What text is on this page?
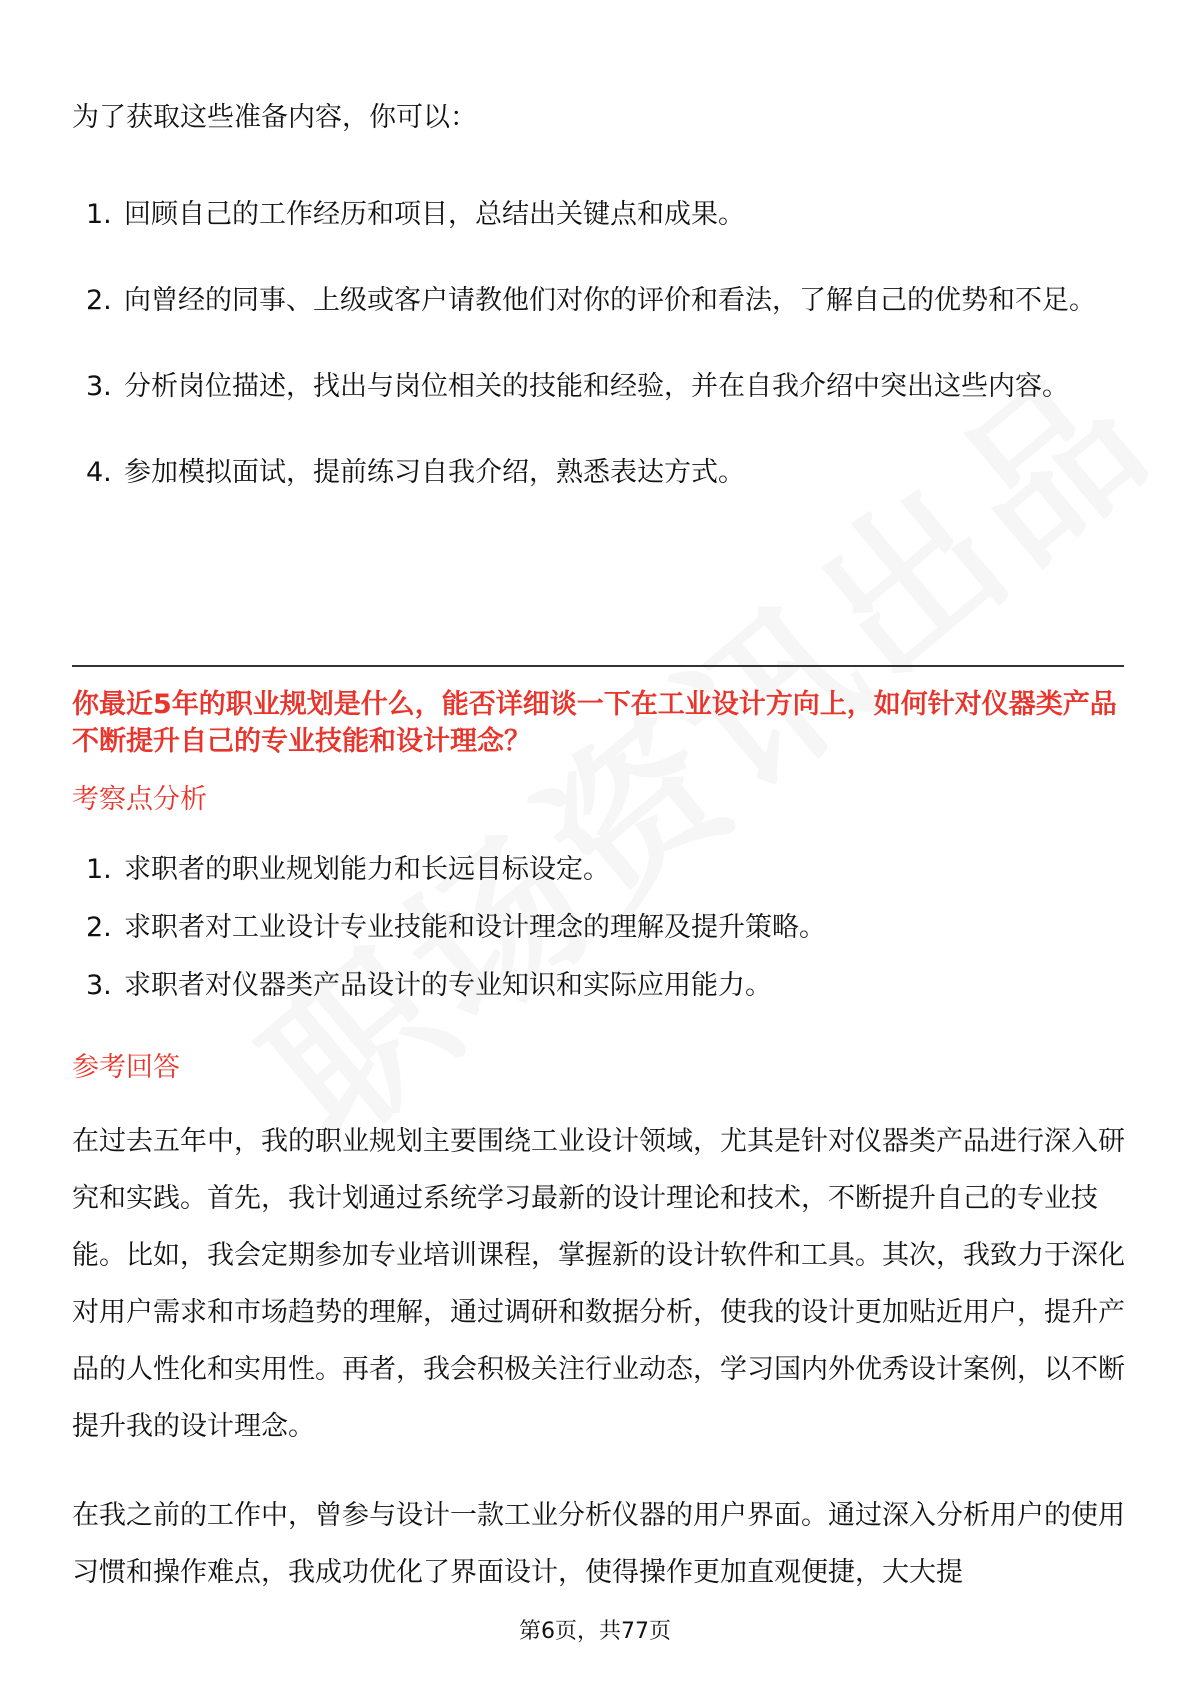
为了获取这些准备内容，你可以：

1. 回顾自己的工作经历和项目，总结出关键点和成果。
2. 向曾经的同事、上级或客户请教他们对你的评价和看法，了解自己的优势和不足。
3. 分析岗位描述，找出与岗位相关的技能和经验，并在自我介绍中突出这些内容。
4. 参加模拟面试，提前练习自我介绍，熟悉表达方式。

你最近5年的职业规划是什么，能否详细谈一下在工业设计方向上，如何针对仪器类产品不断提升自己的专业技能和设计理念？

考察点分析
1. 求职者的职业规划能力和长远目标设定。
2. 求职者对工业设计专业技能和设计理念的理解及提升策略。
3. 求职者对仪器类产品设计的专业知识和实际应用能力。
参考回答

在过去五年中，我的职业规划主要围绕工业设计领域，尤其是针对仪器类产品进行深入研究和实践。首先，我计划通过系统学习最新的设计理论和技术，不断提升自己的专业技能。比如，我会定期参加专业培训课程，掌握新的设计软件和工具。其次，我致力于深化对用户需求和市场趋势的理解，通过调研和数据分析，使我的设计更加贴近用户，提升产品的人性化和实用性。再者，我会积极关注行业动态，学习国内外优秀设计案例，以不断提升我的设计理念。

在我之前的工作中，曾参与设计一款工业分析仪器的用户界面。通过深入分析用户的使用习惯和操作难点，我成功优化了界面设计，使得操作更加直观便捷，大大提

第6页，共77页
